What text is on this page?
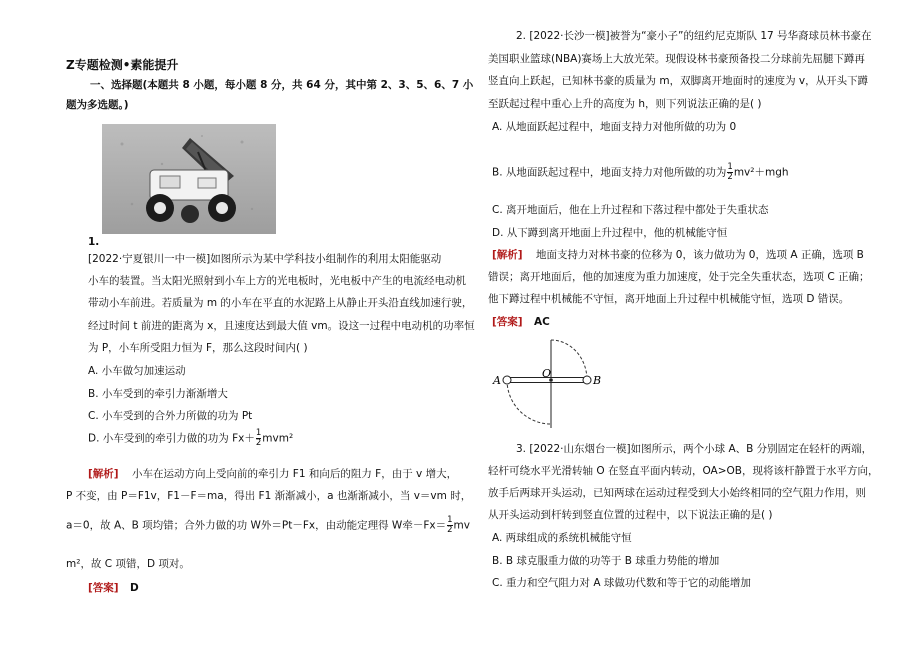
Z专题检测•素能提升
一、选择题(本题共 8 小题，每小题 8 分，共 64 分，其中第 2、3、5、6、7 小
题为多选题。)
1.
[2022·宁夏银川一中一模]如图所示为某中学科技小组制作的利用太阳能驱动
小车的装置。当太阳光照射到小车上方的光电板时，光电板中产生的电流经电动机
带动小车前进。若质量为 m 的小车在平直的水泥路上从静止开头沿直线加速行驶，
经过时间 t 前进的距离为 x，且速度达到最大值 vm。设这一过程中电动机的功率恒
为 P，小车所受阻力恒为 F，那么这段时间内( )
A. 小车做匀加速运动
B. 小车受到的牵引力渐渐增大
C. 小车受到的合外力所做的功为 Pt
D. 小车受到的牵引力做的功为 $Fx+ \frac{1}{2} mvm^2$
[解析] 小车在运动方向上受向前的牵引力 F1 和向后的阻力 F，由于 v 增大，
P 不变，由 P＝F1v，F1－F＝ma，得出 F1 渐渐减小，a 也渐渐减小，当 v＝vm 时，
a＝0，故 A、B 项均错；合外力做的功 W外＝Pt－Fx，由动能定理得 W牵$-Fx= \frac{1}{2}$ mv
m²，故 C 项错，D 项对。
[答案] D
2. [2022·长沙一模]被誉为“豪小子”的纽约尼克斯队 17 号华裔球员林书豪在
美国职业篮球(NBA)赛场上大放光荣。现假设林书豪预备投二分球前先屈腿下蹲再
竖直向上跃起，已知林书豪的质量为 m，双脚离开地面时的速度为 v，从开头下蹲
至跃起过程中重心上升的高度为 h，则下列说法正确的是( )
A. 从地面跃起过程中，地面支持力对他所做的功为 0
B. 从地面跃起过程中，地面支持力对他所做的功为 $\frac{1}{2} mv^2+mgh$
C. 离开地面后，他在上升过程和下落过程中都处于失重状态
D. 从下蹲到离开地面上升过程中，他的机械能守恒
[解析] 地面支持力对林书豪的位移为 0，该力做功为 0，选项 A 正确，选项 B
错误；离开地面后，他的加速度为重力加速度，处于完全失重状态，选项 C 正确；
他下蹲过程中机械能不守恒，离开地面上升过程中机械能守恒，选项 D 错误。
[答案] AC
A
O
B
3. [2022·山东烟台一模]如图所示，两个小球 A、B 分别固定在轻杆的两端，
轻杆可绕水平光滑转轴 O 在竖直平面内转动，OA>OB，现将该杆静置于水平方向，
放手后两球开头运动，已知两球在运动过程受到大小始终相同的空气阻力作用，则
从开头运动到杆转到竖直位置的过程中，以下说法正确的是( )
A. 两球组成的系统机械能守恒
B. B 球克服重力做的功等于 B 球重力势能的增加
C. 重力和空气阻力对 A 球做功代数和等于它的动能增加
